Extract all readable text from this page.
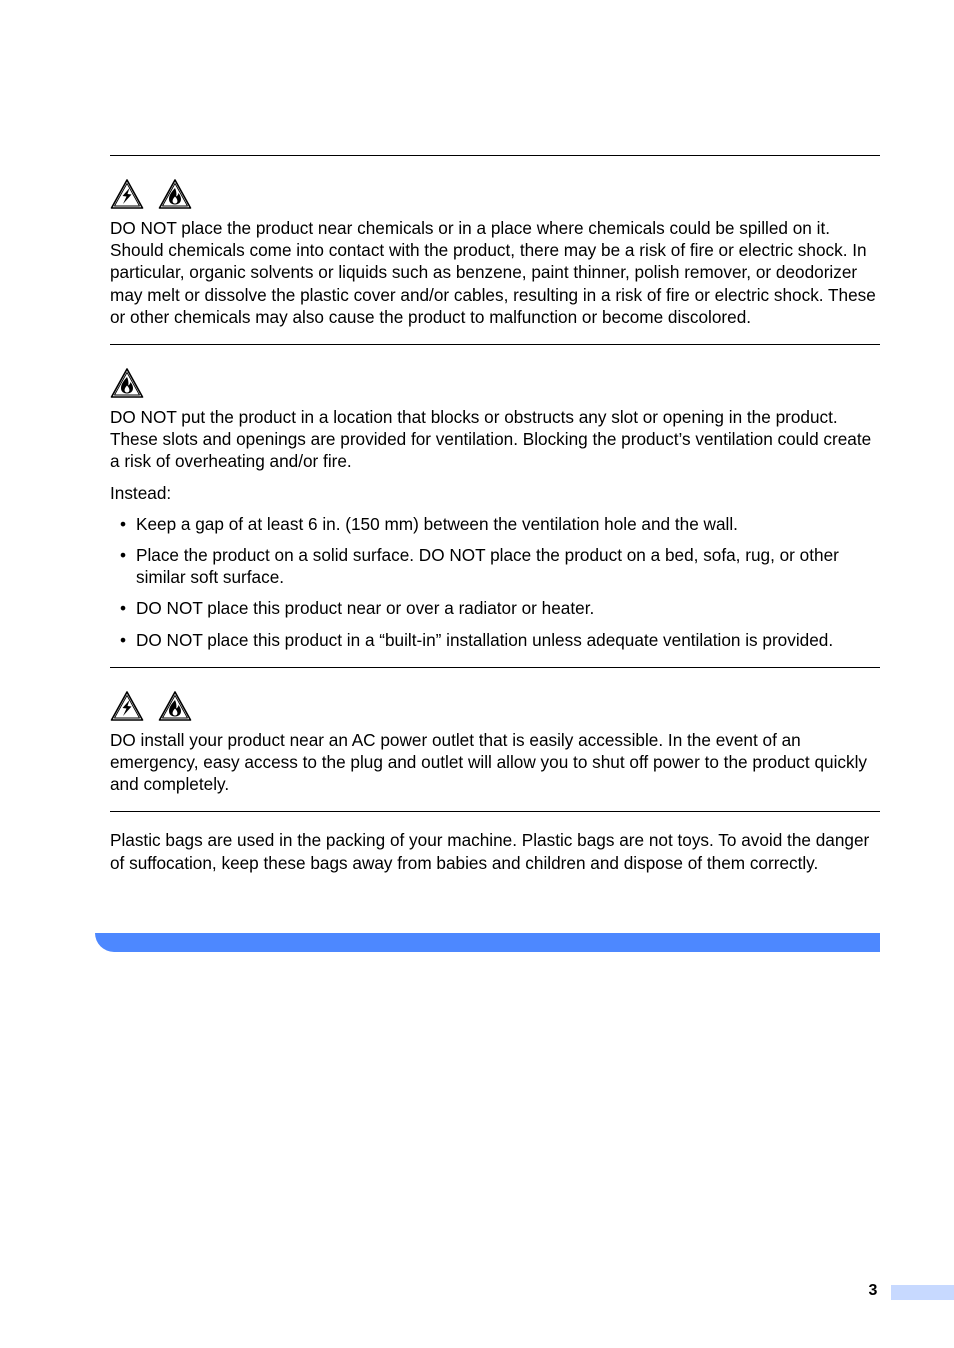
DO NOT place the product near chemicals or in a place where chemicals could be spilled on it. Should chemicals come into contact with the product, there may be a risk of fire or electric shock. In particular, organic solvents or liquids such as benzene, paint thinner, polish remover, or deodorizer may melt or dissolve the plastic cover and/or cables, resulting in a risk of fire or electric shock. These or other chemicals may also cause the product to malfunction or become discolored.

DO NOT put the product in a location that blocks or obstructs any slot or opening in the product. These slots and openings are provided for ventilation. Blocking the product’s ventilation could create a risk of overheating and/or fire.

Instead:

• Keep a gap of at least 6 in. (150 mm) between the ventilation hole and the wall.
• Place the product on a solid surface. DO NOT place the product on a bed, sofa, rug, or other similar soft surface.
• DO NOT place this product near or over a radiator or heater.
• DO NOT place this product in a “built-in” installation unless adequate ventilation is provided.

DO install your product near an AC power outlet that is easily accessible. In the event of an emergency, easy access to the plug and outlet will allow you to shut off power to the product quickly and completely.

Plastic bags are used in the packing of your machine. Plastic bags are not toys. To avoid the danger of suffocation, keep these bags away from babies and children and dispose of them correctly.

3
